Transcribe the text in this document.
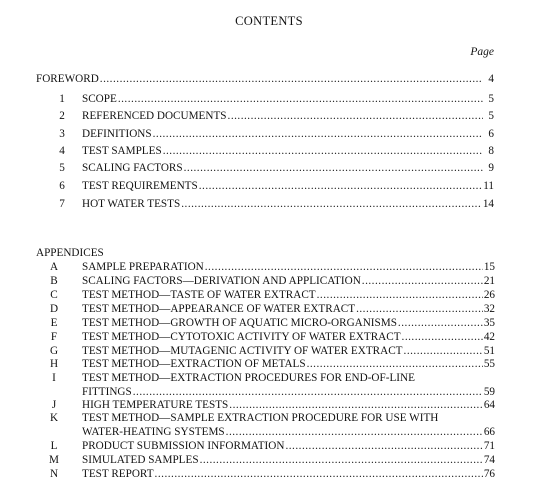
CONTENTS
Page
FOREWORD .....	4
1	SCOPE .....	5
2	REFERENCED DOCUMENTS .....	5
3	DEFINITIONS .....	6
4	TEST SAMPLES .....	8
5	SCALING FACTORS .....	9
6	TEST REQUIREMENTS .....	11
7	HOT WATER TESTS .....	14
APPENDICES
A	SAMPLE PREPARATION .....	15
B	SCALING FACTORS—DERIVATION AND APPLICATION .....	21
C	TEST METHOD—TASTE OF WATER EXTRACT .....	26
D	TEST METHOD—APPEARANCE OF WATER EXTRACT .....	32
E	TEST METHOD—GROWTH OF AQUATIC MICRO-ORGANISMS .....	35
F	TEST METHOD—CYTOTOXIC ACTIVITY OF WATER EXTRACT .....	42
G	TEST METHOD—MUTAGENIC ACTIVITY OF WATER EXTRACT .....	51
H	TEST METHOD—EXTRACTION OF METALS .....	55
I	TEST METHOD—EXTRACTION PROCEDURES FOR END-OF-LINE
FITTINGS .....	59
J	HIGH TEMPERATURE TESTS .....	64
K	TEST METHOD—SAMPLE EXTRACTION PROCEDURE FOR USE WITH
WATER-HEATING SYSTEMS .....	66
L	PRODUCT SUBMISSION INFORMATION .....	71
M SIMULATED SAMPLES .....	74
N	TEST REPORT .....	76
